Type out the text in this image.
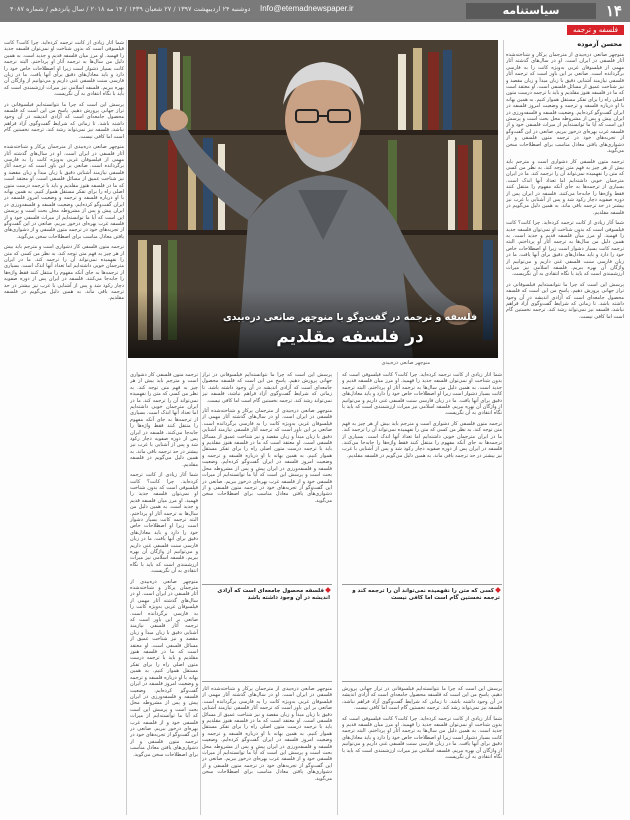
۱۴
سیاستنامه
Info@etemadnewspaper.ir
دوشنبه ۲۴ اردیبهشت ۱۳۹۷ / ۲۷ شعبان ۱۴۳۹ / ۱۴ مه ۲۰۱۸ / سال پانزدهم / شماره ۴۰۸۷
فلسفه و ترجمه
محسن آزموده
منوچهر صانعی دره‌بیدی از مترجمان پرکار و شناخته‌شده آثار فلسفی در ایران است. او در سال‌های گذشته آثار مهمی از فیلسوفان غربی به‌ویژه کانت را به فارسی برگردانده است. صانعی بر این باور است که ترجمه آثار فلسفی نیازمند آشنایی دقیق با زبان مبدأ و زبان مقصد و نیز شناخت عمیق از مسائل فلسفی است. او معتقد است که ما در فلسفه هنوز مقلدیم و باید با ترجمه درست متون اصلی راه را برای تفکر مستقل هموار کنیم. به همین بهانه با او درباره فلسفه و ترجمه و وضعیت امروز فلسفه در ایران گفت‌وگو کرده‌ایم. وضعیت فلسفه و فلسفه‌ورزی در ایران پیش و پس از مشروطه محل بحث است و پرسش این است که آیا ما توانسته‌ایم از میراث فلسفی خود و از فلسفه غرب بهره‌ای درخور ببریم. صانعی در این گفت‌وگو از تجربه‌های خود در ترجمه متون فلسفی و از دشواری‌های یافتن معادل مناسب برای اصطلاحات سخن می‌گوید.
ترجمه متون فلسفی کار دشواری است و مترجم باید بیش از هر چیز به فهم متن توجه کند. به نظر من کسی که متن را نفهمیده نمی‌تواند آن را ترجمه کند. ما در ایران مترجمان خوبی داشته‌ایم اما تعداد آنها اندک است. بسیاری از ترجمه‌ها به جای آنکه مفهوم را منتقل کنند فقط واژه‌ها را جابه‌جا می‌کنند. فلسفه در ایران پس از دوره صفویه دچار رکود شد و پس از آشنایی با غرب نیز بیشتر در حد ترجمه باقی ماند. به همین دلیل می‌گویم در فلسفه مقلدیم.
شما آثار زیادی از کانت ترجمه کرده‌اید. چرا کانت؟ کانت فیلسوفی است که بدون شناخت او نمی‌توان فلسفه جدید را فهمید. او مرز میان فلسفه قدیم و جدید است. به همین دلیل من سال‌ها به ترجمه آثار او پرداختم. البته ترجمه کانت بسیار دشوار است زیرا او اصطلاحات خاص خود را دارد و باید معادل‌های دقیق برای آنها یافت. ما در زبان فارسی سنت فلسفی غنی داریم و می‌توانیم از واژگان آن بهره ببریم. فلسفه اسلامی نیز میراث ارزشمندی است که باید با نگاه انتقادی به آن نگریست.
پرسش این است که چرا ما نتوانسته‌ایم فیلسوفانی در تراز جهانی پرورش دهیم. پاسخ من این است که فلسفه محصول جامعه‌ای است که آزادی اندیشه در آن وجود داشته باشد. تا زمانی که شرایط گفت‌وگوی آزاد فراهم نباشد، فلسفه نیز نمی‌تواند رشد کند. ترجمه نخستین گام است اما کافی نیست.
فلسفه و ترجمه در گفت‌وگو با منوچهر صانعی دره‌بیدی
در فلسفه مقلدیم
منوچهر صانعی دره‌بیدی
شما آثار زیادی از کانت ترجمه کرده‌اید. چرا کانت؟ کانت فیلسوفی است که بدون شناخت او نمی‌توان فلسفه جدید را فهمید. او مرز میان فلسفه قدیم و جدید است. به همین دلیل من سال‌ها به ترجمه آثار او پرداختم. البته ترجمه کانت بسیار دشوار است زیرا او اصطلاحات خاص خود را دارد و باید معادل‌های دقیق برای آنها یافت. ما در زبان فارسی سنت فلسفی غنی داریم و می‌توانیم از واژگان آن بهره ببریم. فلسفه اسلامی نیز میراث ارزشمندی است که باید با نگاه انتقادی به آن نگریست.
پرسش این است که چرا ما نتوانسته‌ایم فیلسوفانی در تراز جهانی پرورش دهیم. پاسخ من این است که فلسفه محصول جامعه‌ای است که آزادی اندیشه در آن وجود داشته باشد. تا زمانی که شرایط گفت‌وگوی آزاد فراهم نباشد، فلسفه نیز نمی‌تواند رشد کند. ترجمه نخستین گام است اما کافی نیست.
منوچهر صانعی دره‌بیدی از مترجمان پرکار و شناخته‌شده آثار فلسفی در ایران است. او در سال‌های گذشته آثار مهمی از فیلسوفان غربی به‌ویژه کانت را به فارسی برگردانده است. صانعی بر این باور است که ترجمه آثار فلسفی نیازمند آشنایی دقیق با زبان مبدأ و زبان مقصد و نیز شناخت عمیق از مسائل فلسفی است. او معتقد است که ما در فلسفه هنوز مقلدیم و باید با ترجمه درست متون اصلی راه را برای تفکر مستقل هموار کنیم. به همین بهانه با او درباره فلسفه و ترجمه و وضعیت امروز فلسفه در ایران گفت‌وگو کرده‌ایم. وضعیت فلسفه و فلسفه‌ورزی در ایران پیش و پس از مشروطه محل بحث است و پرسش این است که آیا ما توانسته‌ایم از میراث فلسفی خود و از فلسفه غرب بهره‌ای درخور ببریم. صانعی در این گفت‌وگو از تجربه‌های خود در ترجمه متون فلسفی و از دشواری‌های یافتن معادل مناسب برای اصطلاحات سخن می‌گوید.
ترجمه متون فلسفی کار دشواری است و مترجم باید بیش از هر چیز به فهم متن توجه کند. به نظر من کسی که متن را نفهمیده نمی‌تواند آن را ترجمه کند. ما در ایران مترجمان خوبی داشته‌ایم اما تعداد آنها اندک است. بسیاری از ترجمه‌ها به جای آنکه مفهوم را منتقل کنند فقط واژه‌ها را جابه‌جا می‌کنند. فلسفه در ایران پس از دوره صفویه دچار رکود شد و پس از آشنایی با غرب نیز بیشتر در حد ترجمه باقی ماند. به همین دلیل می‌گویم در فلسفه مقلدیم.
ترجمه متون فلسفی کار دشواری است و مترجم باید بیش از هر چیز به فهم متن توجه کند. به نظر من کسی که متن را نفهمیده نمی‌تواند آن را ترجمه کند. ما در ایران مترجمان خوبی داشته‌ایم اما تعداد آنها اندک است. بسیاری از ترجمه‌ها به جای آنکه مفهوم را منتقل کنند فقط واژه‌ها را جابه‌جا می‌کنند. فلسفه در ایران پس از دوره صفویه دچار رکود شد و پس از آشنایی با غرب نیز بیشتر در حد ترجمه باقی ماند. به همین دلیل می‌گویم در فلسفه مقلدیم.
شما آثار زیادی از کانت ترجمه کرده‌اید. چرا کانت؟ کانت فیلسوفی است که بدون شناخت او نمی‌توان فلسفه جدید را فهمید. او مرز میان فلسفه قدیم و جدید است. به همین دلیل من سال‌ها به ترجمه آثار او پرداختم. البته ترجمه کانت بسیار دشوار است زیرا او اصطلاحات خاص خود را دارد و باید معادل‌های دقیق برای آنها یافت. ما در زبان فارسی سنت فلسفی غنی داریم و می‌توانیم از واژگان آن بهره ببریم. فلسفه اسلامی نیز میراث ارزشمندی است که باید با نگاه انتقادی به آن نگریست.
منوچهر صانعی دره‌بیدی از مترجمان پرکار و شناخته‌شده آثار فلسفی در ایران است. او در سال‌های گذشته آثار مهمی از فیلسوفان غربی به‌ویژه کانت را به فارسی برگردانده است. صانعی بر این باور است که ترجمه آثار فلسفی نیازمند آشنایی دقیق با زبان مبدأ و زبان مقصد و نیز شناخت عمیق از مسائل فلسفی است. او معتقد است که ما در فلسفه هنوز مقلدیم و باید با ترجمه درست متون اصلی راه را برای تفکر مستقل هموار کنیم. به همین بهانه با او درباره فلسفه و ترجمه و وضعیت امروز فلسفه در ایران گفت‌وگو کرده‌ایم. وضعیت فلسفه و فلسفه‌ورزی در ایران پیش و پس از مشروطه محل بحث است و پرسش این است که آیا ما توانسته‌ایم از میراث فلسفی خود و از فلسفه غرب بهره‌ای درخور ببریم. صانعی در این گفت‌وگو از تجربه‌های خود در ترجمه متون فلسفی و از دشواری‌های یافتن معادل مناسب برای اصطلاحات سخن می‌گوید.
پرسش این است که چرا ما نتوانسته‌ایم فیلسوفانی در تراز جهانی پرورش دهیم. پاسخ من این است که فلسفه محصول جامعه‌ای است که آزادی اندیشه در آن وجود داشته باشد. تا زمانی که شرایط گفت‌وگوی آزاد فراهم نباشد، فلسفه نیز نمی‌تواند رشد کند. ترجمه نخستین گام است اما کافی نیست.
منوچهر صانعی دره‌بیدی از مترجمان پرکار و شناخته‌شده آثار فلسفی در ایران است. او در سال‌های گذشته آثار مهمی از فیلسوفان غربی به‌ویژه کانت را به فارسی برگردانده است. صانعی بر این باور است که ترجمه آثار فلسفی نیازمند آشنایی دقیق با زبان مبدأ و زبان مقصد و نیز شناخت عمیق از مسائل فلسفی است. او معتقد است که ما در فلسفه هنوز مقلدیم و باید با ترجمه درست متون اصلی راه را برای تفکر مستقل هموار کنیم. به همین بهانه با او درباره فلسفه و ترجمه و وضعیت امروز فلسفه در ایران گفت‌وگو کرده‌ایم. وضعیت فلسفه و فلسفه‌ورزی در ایران پیش و پس از مشروطه محل بحث است و پرسش این است که آیا ما توانسته‌ایم از میراث فلسفی خود و از فلسفه غرب بهره‌ای درخور ببریم. صانعی در این گفت‌وگو از تجربه‌های خود در ترجمه متون فلسفی و از دشواری‌های یافتن معادل مناسب برای اصطلاحات سخن می‌گوید.
شما آثار زیادی از کانت ترجمه کرده‌اید. چرا کانت؟ کانت فیلسوفی است که بدون شناخت او نمی‌توان فلسفه جدید را فهمید. او مرز میان فلسفه قدیم و جدید است. به همین دلیل من سال‌ها به ترجمه آثار او پرداختم. البته ترجمه کانت بسیار دشوار است زیرا او اصطلاحات خاص خود را دارد و باید معادل‌های دقیق برای آنها یافت. ما در زبان فارسی سنت فلسفی غنی داریم و می‌توانیم از واژگان آن بهره ببریم. فلسفه اسلامی نیز میراث ارزشمندی است که باید با نگاه انتقادی به آن نگریست.
ترجمه متون فلسفی کار دشواری است و مترجم باید بیش از هر چیز به فهم متن توجه کند. به نظر من کسی که متن را نفهمیده نمی‌تواند آن را ترجمه کند. ما در ایران مترجمان خوبی داشته‌ایم اما تعداد آنها اندک است. بسیاری از ترجمه‌ها به جای آنکه مفهوم را منتقل کنند فقط واژه‌ها را جابه‌جا می‌کنند. فلسفه در ایران پس از دوره صفویه دچار رکود شد و پس از آشنایی با غرب نیز بیشتر در حد ترجمه باقی ماند. به همین دلیل می‌گویم در فلسفه مقلدیم.
فلسفه محصول جامعه‌ای است که آزادی اندیشه در آن وجود داشته باشد
کسی که متن را نفهمیده نمی‌تواند آن را ترجمه کند و ترجمه نخستین گام است اما کافی نیست
منوچهر صانعی دره‌بیدی از مترجمان پرکار و شناخته‌شده آثار فلسفی در ایران است. او در سال‌های گذشته آثار مهمی از فیلسوفان غربی به‌ویژه کانت را به فارسی برگردانده است. صانعی بر این باور است که ترجمه آثار فلسفی نیازمند آشنایی دقیق با زبان مبدأ و زبان مقصد و نیز شناخت عمیق از مسائل فلسفی است. او معتقد است که ما در فلسفه هنوز مقلدیم و باید با ترجمه درست متون اصلی راه را برای تفکر مستقل هموار کنیم. به همین بهانه با او درباره فلسفه و ترجمه و وضعیت امروز فلسفه در ایران گفت‌وگو کرده‌ایم. وضعیت فلسفه و فلسفه‌ورزی در ایران پیش و پس از مشروطه محل بحث است و پرسش این است که آیا ما توانسته‌ایم از میراث فلسفی خود و از فلسفه غرب بهره‌ای درخور ببریم. صانعی در این گفت‌وگو از تجربه‌های خود در ترجمه متون فلسفی و از دشواری‌های یافتن معادل مناسب برای اصطلاحات سخن می‌گوید.
پرسش این است که چرا ما نتوانسته‌ایم فیلسوفانی در تراز جهانی پرورش دهیم. پاسخ من این است که فلسفه محصول جامعه‌ای است که آزادی اندیشه در آن وجود داشته باشد. تا زمانی که شرایط گفت‌وگوی آزاد فراهم نباشد، فلسفه نیز نمی‌تواند رشد کند. ترجمه نخستین گام است اما کافی نیست.
شما آثار زیادی از کانت ترجمه کرده‌اید. چرا کانت؟ کانت فیلسوفی است که بدون شناخت او نمی‌توان فلسفه جدید را فهمید. او مرز میان فلسفه قدیم و جدید است. به همین دلیل من سال‌ها به ترجمه آثار او پرداختم. البته ترجمه کانت بسیار دشوار است زیرا او اصطلاحات خاص خود را دارد و باید معادل‌های دقیق برای آنها یافت. ما در زبان فارسی سنت فلسفی غنی داریم و می‌توانیم از واژگان آن بهره ببریم. فلسفه اسلامی نیز میراث ارزشمندی است که باید با نگاه انتقادی به آن نگریست.
